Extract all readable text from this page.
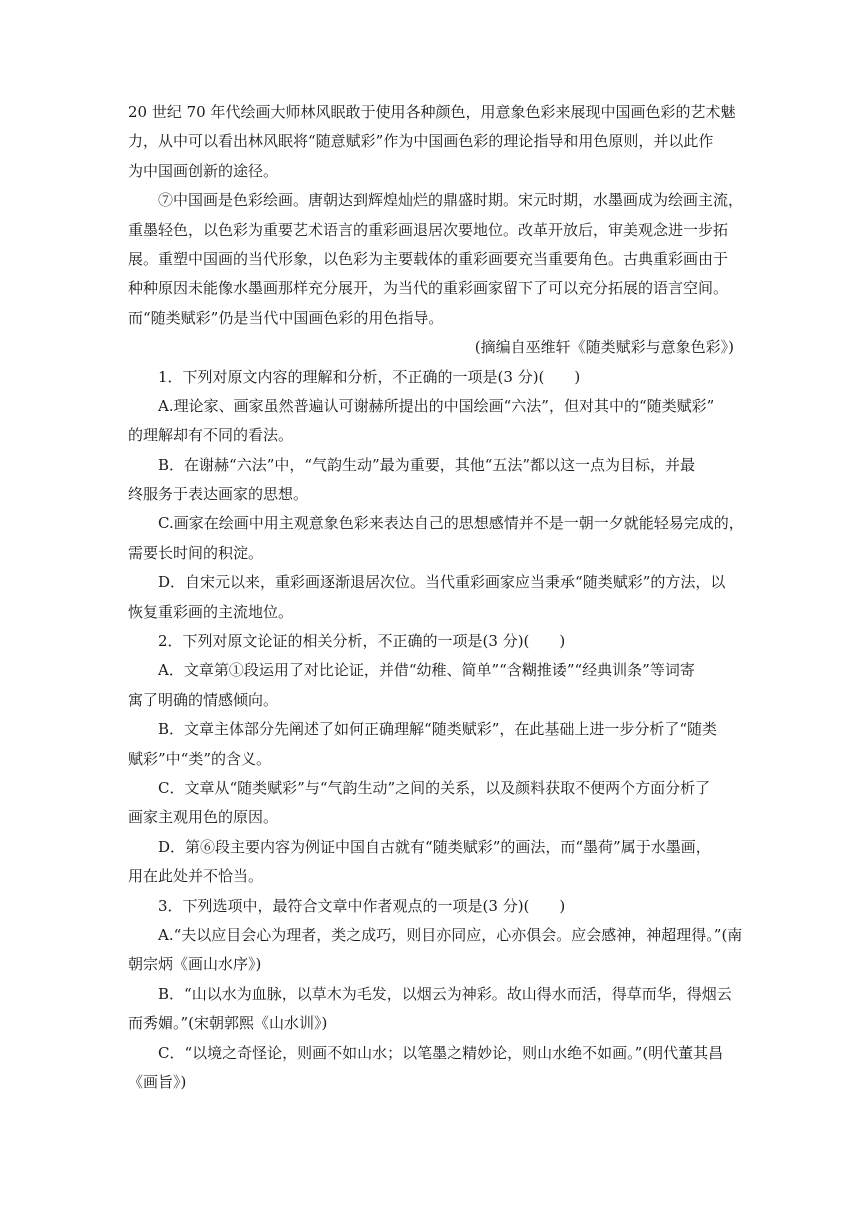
20 世纪 70 年代绘画大师林风眠敢于使用各种颜色，用意象色彩来展现中国画色彩的艺术魅

力，从中可以看出林风眠将“随意赋彩”作为中国画色彩的理论指导和用色原则，并以此作

为中国画创新的途径。

⑦中国画是色彩绘画。唐朝达到辉煌灿烂的鼎盛时期。宋元时期，水墨画成为绘画主流，

重墨轻色，以色彩为重要艺术语言的重彩画退居次要地位。改革开放后，审美观念进一步拓

展。重塑中国画的当代形象，以色彩为主要载体的重彩画要充当重要角色。古典重彩画由于

种种原因未能像水墨画那样充分展开，为当代的重彩画家留下了可以充分拓展的语言空间。

而“随类赋彩”仍是当代中国画色彩的用色指导。

(摘编自巫维轩《随类赋彩与意象色彩》)

1．下列对原文内容的理解和分析，不正确的一项是(3 分)(　　)

A.理论家、画家虽然普遍认可谢赫所提出的中国绘画“六法”，但对其中的“随类赋彩”

的理解却有不同的看法。

B．在谢赫“六法”中，“气韵生动”最为重要，其他“五法”都以这一点为目标，并最

终服务于表达画家的思想。

C.画家在绘画中用主观意象色彩来表达自己的思想感情并不是一朝一夕就能轻易完成的，

需要长时间的积淀。

D．自宋元以来，重彩画逐渐退居次位。当代重彩画家应当秉承“随类赋彩”的方法，以

恢复重彩画的主流地位。

2．下列对原文论证的相关分析，不正确的一项是(3 分)(　　)

A．文章第①段运用了对比论证，并借“幼稚、简单”“含糊推诿”“经典训条”等词寄

寓了明确的情感倾向。

B．文章主体部分先阐述了如何正确理解“随类赋彩”，在此基础上进一步分析了“随类

赋彩”中“类”的含义。

C．文章从“随类赋彩”与“气韵生动”之间的关系，以及颜料获取不便两个方面分析了

画家主观用色的原因。

D．第⑥段主要内容为例证中国自古就有“随类赋彩”的画法，而“墨荷”属于水墨画，

用在此处并不恰当。

3．下列选项中，最符合文章中作者观点的一项是(3 分)(　　)

A.“夫以应目会心为理者，类之成巧，则目亦同应，心亦俱会。应会感神，神超理得。”(南

朝宗炳《画山水序》)

B．“山以水为血脉，以草木为毛发，以烟云为神彩。故山得水而活，得草而华，得烟云

而秀媚。”(宋朝郭熙《山水训》)

C．“以境之奇怪论，则画不如山水；以笔墨之精妙论，则山水绝不如画。”(明代董其昌

《画旨》)
